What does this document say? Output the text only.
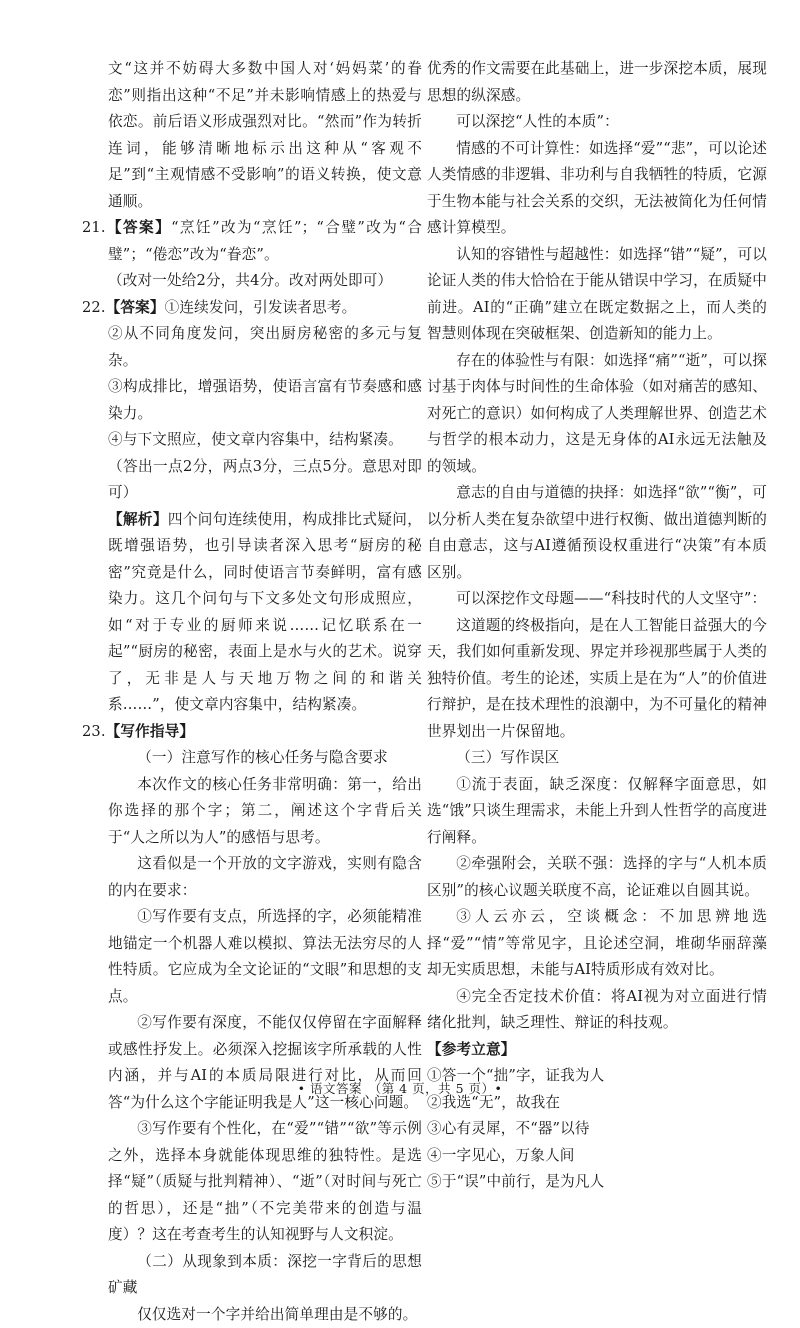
文“这并不妨碍大多数中国人对‘妈妈菜’的眷恋”则指出这种“不足”并未影响情感上的热爱与依恋。前后语义形成强烈对比。“然而”作为转折连词，能够清晰地标示出这种从“客观不足”到“主观情感不受影响”的语义转换，使文意通顺。

21.【答案】“烹饪”改为“烹饪”；“合璧”改为“合璧”；“倦恋”改为“眷恋”。

（改对一处给2分，共4分。改对两处即可）

22.【答案】①连续发问，引发读者思考。

②从不同角度发问，突出厨房秘密的多元与复杂。

③构成排比，增强语势，使语言富有节奏感和感染力。

④与下文照应，使文章内容集中，结构紧凑。

（答出一点2分，两点3分，三点5分。意思对即可）

【解析】四个问句连续使用，构成排比式疑问，既增强语势，也引导读者深入思考“厨房的秘密”究竟是什么，同时使语言节奏鲜明，富有感染力。这几个问句与下文多处文句形成照应，如“对于专业的厨师来说……记忆联系在一起”“厨房的秘密，表面上是水与火的艺术。说穿了，无非是人与天地万物之间的和谐关系……”，使文章内容集中，结构紧凑。

23.【写作指导】

（一）注意写作的核心任务与隐含要求

本次作文的核心任务非常明确：第一，给出你选择的那个字；第二，阐述这个字背后关于“人之所以为人”的感悟与思考。

这看似是一个开放的文字游戏，实则有隐含的内在要求：

①写作要有支点，所选择的字，必须能精准地锚定一个机器人难以模拟、算法无法穷尽的人性特质。它应成为全文论证的“文眼”和思想的支点。

②写作要有深度，不能仅仅停留在字面解释或感性抒发上。必须深入挖掘该字所承载的人性内涵，并与AI的本质局限进行对比，从而回答“为什么这个字能证明我是人”这一核心问题。

③写作要有个性化，在“爱”“错”“欲”等示例之外，选择本身就能体现思维的独特性。是选择“疑”（质疑与批判精神）、“逝”（对时间与死亡的哲思），还是“拙”（不完美带来的创造与温度）？这在考查考生的认知视野与人文积淀。

（二）从现象到本质：深挖一字背后的思想矿藏

仅仅选对一个字并给出简单理由是不够的。

优秀的作文需要在此基础上，进一步深挖本质，展现思想的纵深感。

可以深挖“人性的本质”：

情感的不可计算性：如选择“爱”“悲”，可以论述人类情感的非逻辑、非功利与自我牺牲的特质，它源于生物本能与社会关系的交织，无法被简化为任何情感计算模型。

认知的容错性与超越性：如选择“错”“疑”，可以论证人类的伟大恰恰在于能从错误中学习，在质疑中前进。AI的“正确”建立在既定数据之上，而人类的智慧则体现在突破框架、创造新知的能力上。

存在的体验性与有限：如选择“痛”“逝”，可以探讨基于肉体与时间性的生命体验（如对痛苦的感知、对死亡的意识）如何构成了人类理解世界、创造艺术与哲学的根本动力，这是无身体的AI永远无法触及的领域。

意志的自由与道德的抉择：如选择“欲”“衡”，可以分析人类在复杂欲望中进行权衡、做出道德判断的自由意志，这与AI遵循预设权重进行“决策”有本质区别。

可以深挖作文母题——“科技时代的人文坚守”：

这道题的终极指向，是在人工智能日益强大的今天，我们如何重新发现、界定并珍视那些属于人类的独特价值。考生的论述，实质上是在为“人”的价值进行辩护，是在技术理性的浪潮中，为不可量化的精神世界划出一片保留地。

（三）写作误区

①流于表面，缺乏深度：仅解释字面意思，如选“饿”只谈生理需求，未能上升到人性哲学的高度进行阐释。

②牵强附会，关联不强：选择的字与“人机本质区别”的核心议题关联度不高，论证难以自圆其说。

③人云亦云，空谈概念：不加思辨地选择“爱”“情”等常见字，且论述空洞，堆砌华丽辞藻却无实质思想，未能与AI特质形成有效对比。

④完全否定技术价值：将AI视为对立面进行情绪化批判，缺乏理性、辩证的科技观。

【参考立意】

①答一个“拙”字，证我为人

②我选“无”，故我在

③心有灵犀，不“器”以待

④一字见心，万象人间

⑤于“误”中前行，是为凡人

• 语文答案　（第 4 页，共 5 页）•
